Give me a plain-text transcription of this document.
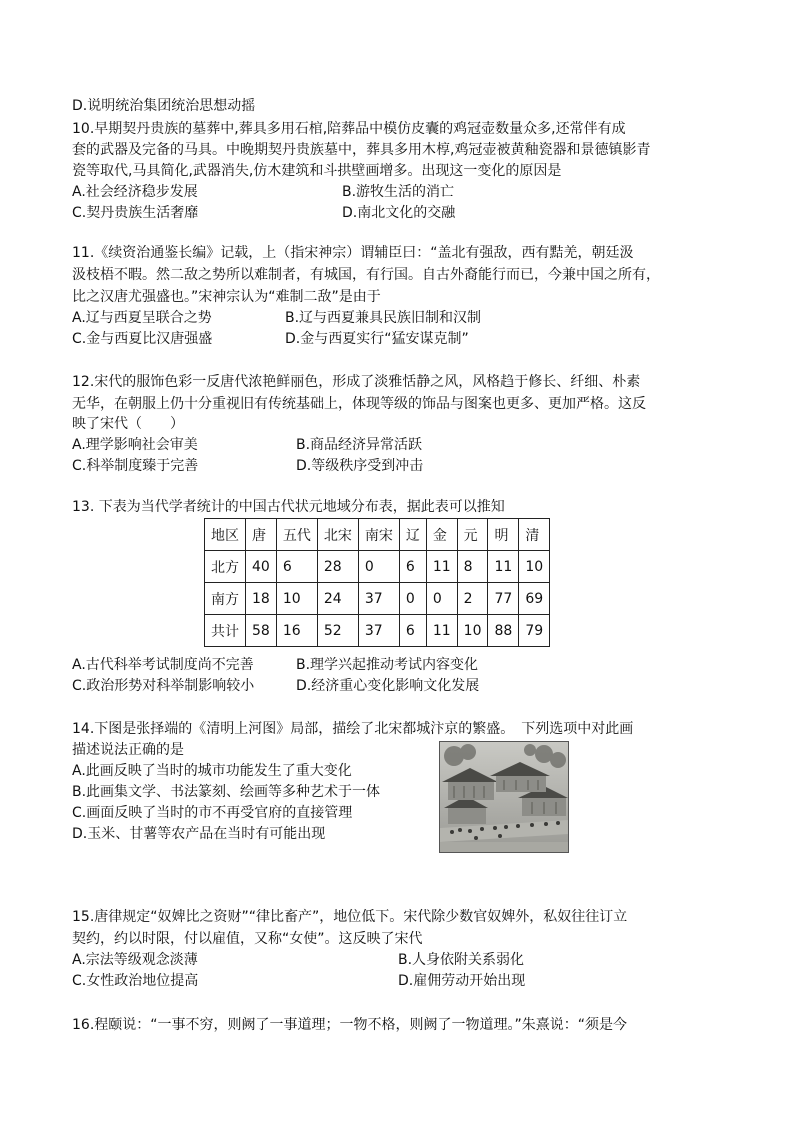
D.说明统治集团统治思想动摇
10.早期契丹贵族的墓葬中,葬具多用石棺,陪葬品中模仿皮囊的鸡冠壶数量众多,还常伴有成
套的武器及完备的马具。中晚期契丹贵族墓中，葬具多用木椁,鸡冠壶被黄釉瓷器和景德镇影青
瓷等取代,马具简化,武器消失,仿木建筑和斗拱壁画增多。出现这一变化的原因是
A.社会经济稳步发展	B.游牧生活的消亡
C.契丹贵族生活奢靡	D.南北文化的交融
11.《续资治通鉴长编》记载，上（指宋神宗）谓辅臣曰：“盖北有强敌，西有黠羌，朝廷汲
汲枝梧不暇。然二敌之势所以难制者，有城国，有行国。自古外裔能行而已，今兼中国之所有，
比之汉唐尤强盛也。”宋神宗认为“难制二敌”是由于
A.辽与西夏呈联合之势	B.辽与西夏兼具民族旧制和汉制
C.金与西夏比汉唐强盛	D.金与西夏实行“猛安谋克制”
12.宋代的服饰色彩一反唐代浓艳鲜丽色，形成了淡雅恬静之风，风格趋于修长、纤细、朴素
无华，在朝服上仍十分重视旧有传统基础上，体现等级的饰品与图案也更多、更加严格。这反
映了宋代（　　）
A.理学影响社会审美	B.商品经济异常活跃
C.科举制度臻于完善	D.等级秩序受到冲击
13. 下表为当代学者统计的中国古代状元地域分布表，据此表可以推知
地区	唐	五代	北宋	南宋	辽	金	元	明	清
北方	40	6	28	0	6	11	8	11	10
南方	18	10	24	37	0	0	2	77	69
共计	58	16	52	37	6	11	10	88	79
A.古代科举考试制度尚不完善	B.理学兴起推动考试内容变化
C.政治形势对科举制影响较小	D.经济重心变化影响文化发展
14.下图是张择端的《清明上河图》局部，描绘了北宋都城汴京的繁盛。　下列选项中对此画
描述说法正确的是
A.此画反映了当时的城市功能发生了重大变化
B.此画集文学、书法篆刻、绘画等多种艺术于一体
C.画面反映了当时的市不再受官府的直接管理
D.玉米、甘薯等农产品在当时有可能出现
15.唐律规定“奴婢比之资财”“律比畜产”，地位低下。宋代除少数官奴婢外，私奴往往订立
契约，约以时限，付以雇值，又称“女使”。这反映了宋代
A.宗法等级观念淡薄	B.人身依附关系弱化
C.女性政治地位提高	D.雇佣劳动开始出现
16.程颐说：“一事不穷，则阙了一事道理；一物不格，则阙了一物道理。”朱熹说：“须是今
